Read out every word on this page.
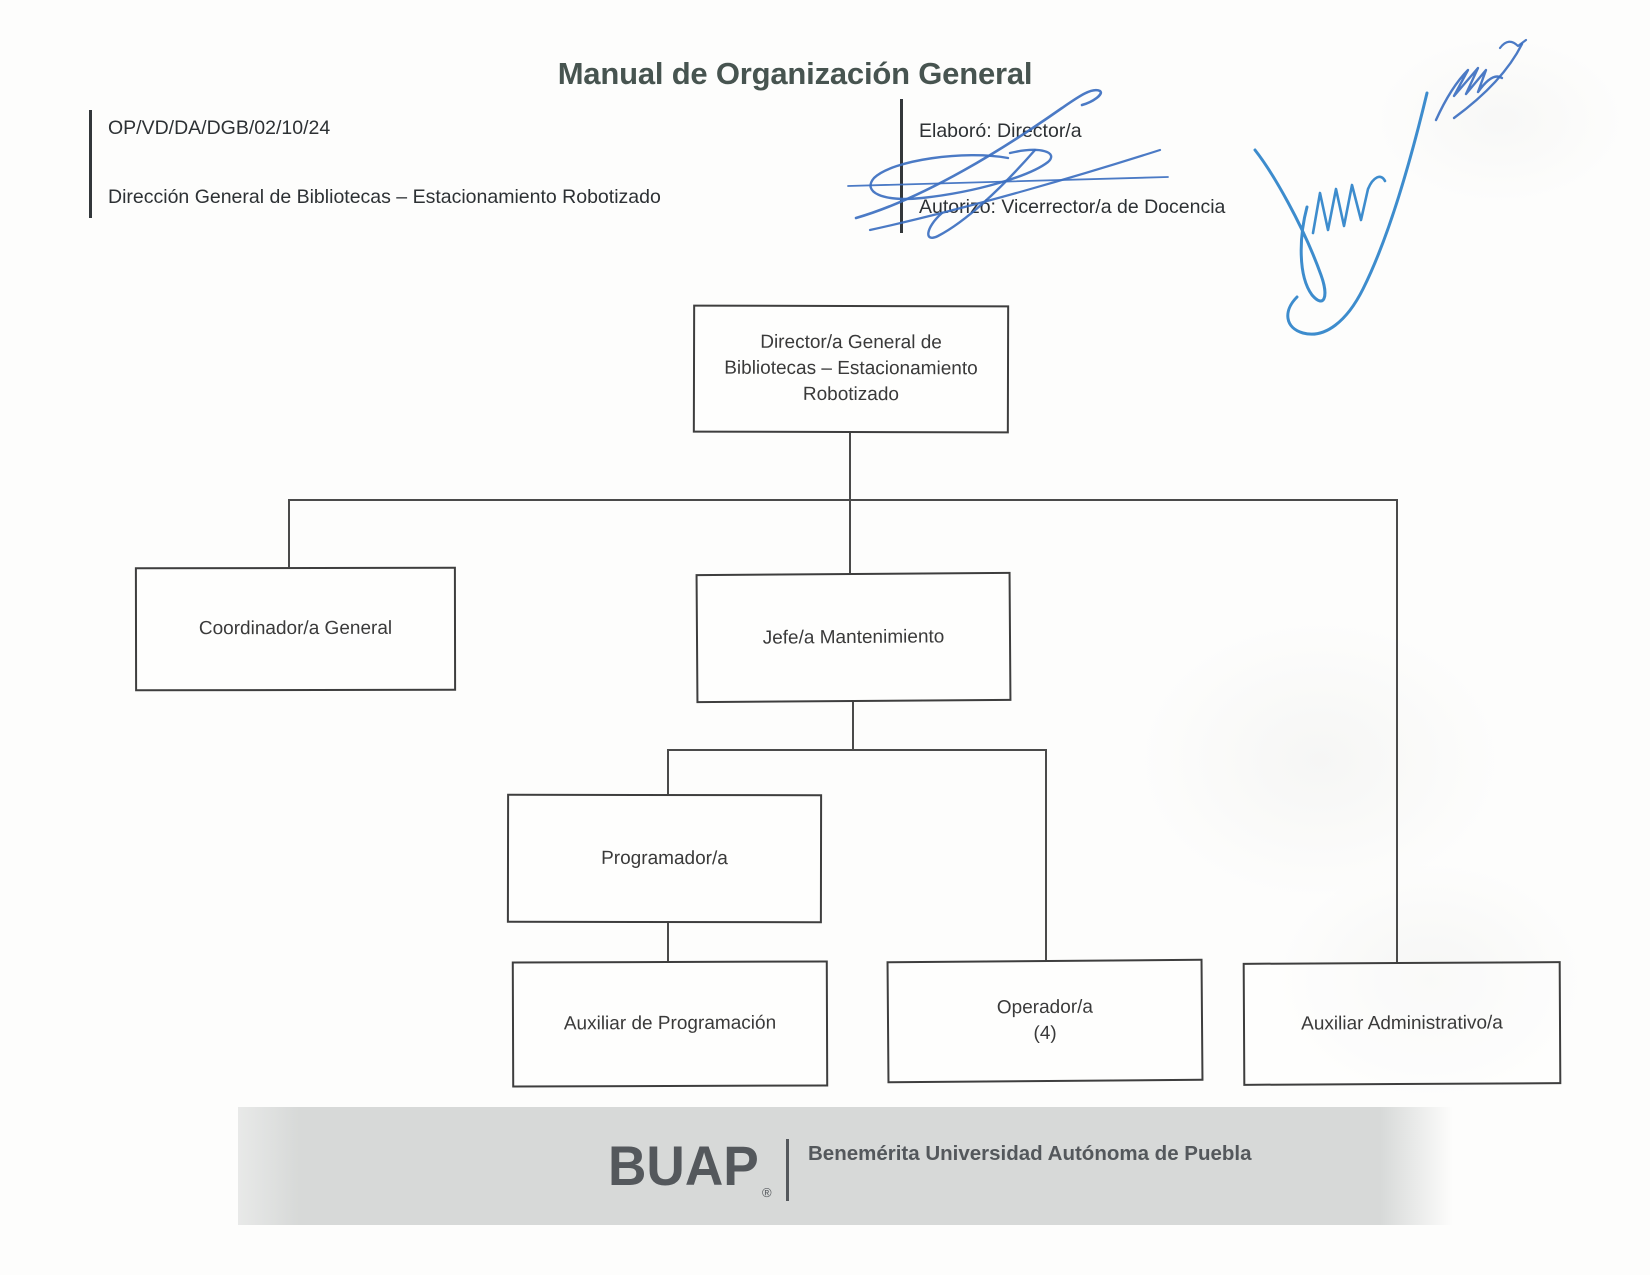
Manual de Organización General
OP/VD/DA/DGB/02/10/24
Dirección General de Bibliotecas – Estacionamiento Robotizado
Elaboró: Director/a
Autorizó: Vicerrector/a de Docencia
Director/a General de
Bibliotecas – Estacionamiento
Robotizado
Coordinador/a General	Jefe/a Mantenimiento
Programador/a
Auxiliar de Programación
Operador/a
(4)	Auxiliar Administrativo/a
BUAP ®
Benemérita Universidad Autónoma de Puebla
